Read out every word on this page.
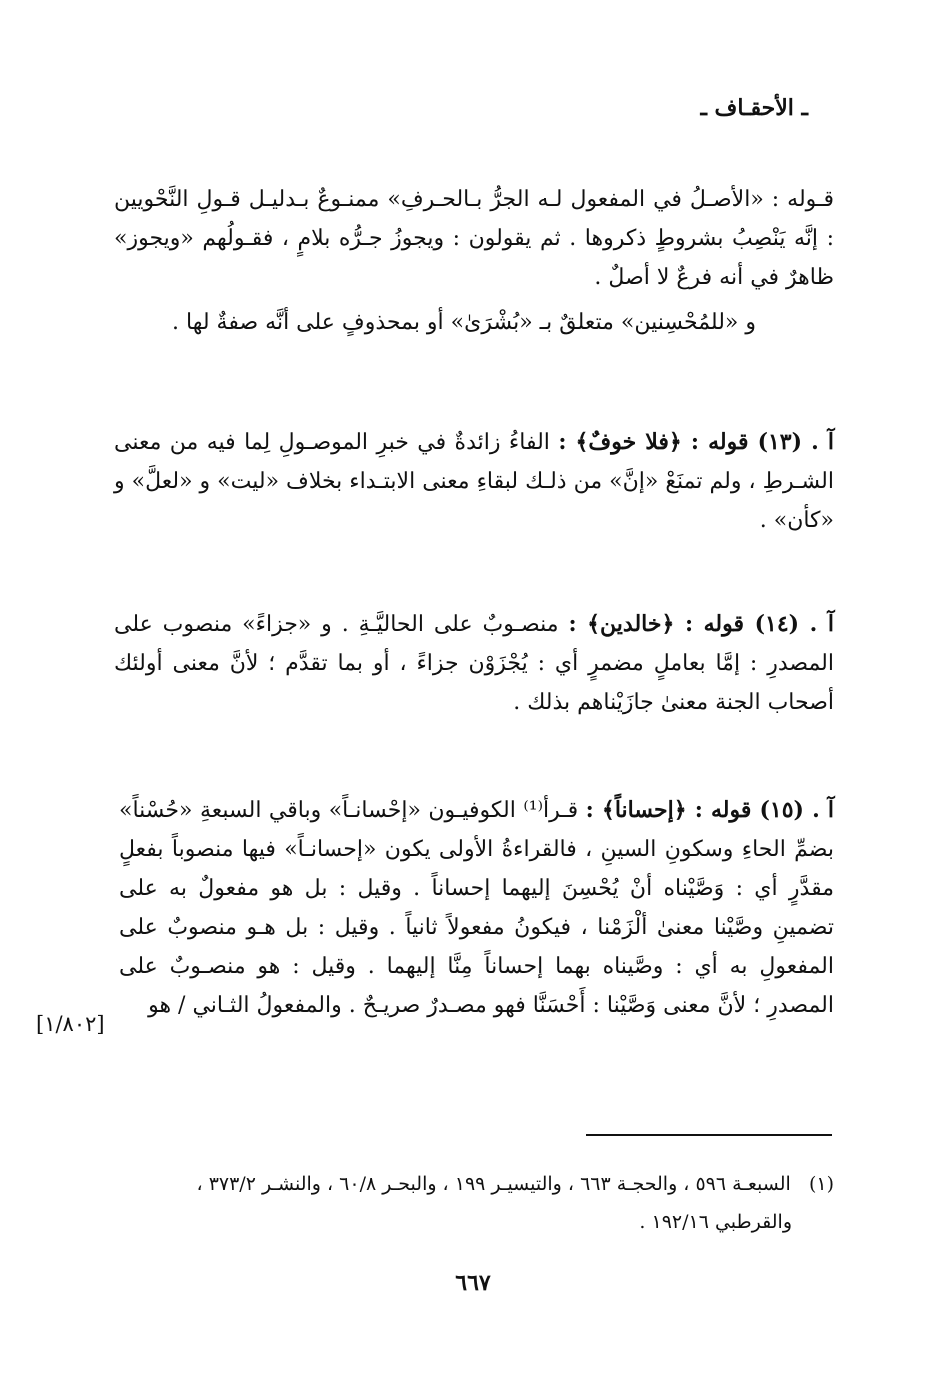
ـ الأحقـاف ـ

قـوله : «الأصـلُ في المفعول لـه الجرُّ بـالحـرفِ» ممنـوعٌ بـدليـل قـولِ النَّحْويين : إنَّه يَنْصِبُ بشروطٍ ذكروها . ثم يقولون : ويجوزُ جـرُّه بلامٍ ، فقـولُهم «ويجوز» ظاهرٌ في أنه فرعٌ لا أصلٌ .

و «للمُحْسِنين» متعلقٌ بـ «بُشْرَىٰ» أو بمحذوفٍ على أنَّه صفةٌ لها .

آ . (١٣) قوله : ﴿فلا خوفٌ﴾ : الفاءُ زائدةٌ في خبرِ الموصـولِ لِما فيه من معنى الشـرطِ ، ولم تمنَعْ «إنَّ» من ذلـك لبقاءِ معنى الابتـداء بخلاف «ليت» و «لعلَّ» و «كأن» .

آ . (١٤) قوله : ﴿خالدين﴾ : منصـوبٌ على الحاليَّـةِ . و «جزاءً» منصوب على المصدرِ : إمَّا بعاملٍ مضمرٍ أي : يُجْزَوْن جزاءً ، أو بما تقدَّم ؛ لأنَّ معنى أولئك أصحاب الجنة معنىٰ جازَيْناهم بذلك .

آ . (١٥) قوله : ﴿إحساناً﴾ : قـرأ⁽¹⁾ الكوفيـون «إحْسانـاً» وباقي السبعةِ «حُسْناً» بضمِّ الحاءِ وسكونِ السينِ ، فالقراءةُ الأولى يكون «إحسانـاً» فيها منصوباً بفعلٍ مقدَّرٍ أي : وَصَّيْناه أنْ يُحْسِنَ إليهما إحساناً . وقيل : بل هو مفعولٌ به على تضمينِ وصَّيْنا معنىٰ ألْزَمْنا ، فيكونُ مفعولاً ثانياً . وقيل : بل هـو منصوبٌ على المفعولِ به أي : وصَّيناه بهما إحساناً مِنَّا إليهما . وقيل : هو منصـوبٌ على المصدرِ ؛ لأنَّ معنى وَصَّيْنا : أَحْسَنَّا فهو مصـدرٌ صريـحٌ . والمفعولُ الثـاني / هو

[١/٨٠٢]

(١)   السبعـة ٥٩٦ ، والحجـة ٦٦٣ ، والتيسيـر ١٩٩ ، والبحـر ٦٠/٨ ، والنشـر ٣٧٣/٢ ،

والقرطبي ١٩٢/١٦ .

٦٦٧
